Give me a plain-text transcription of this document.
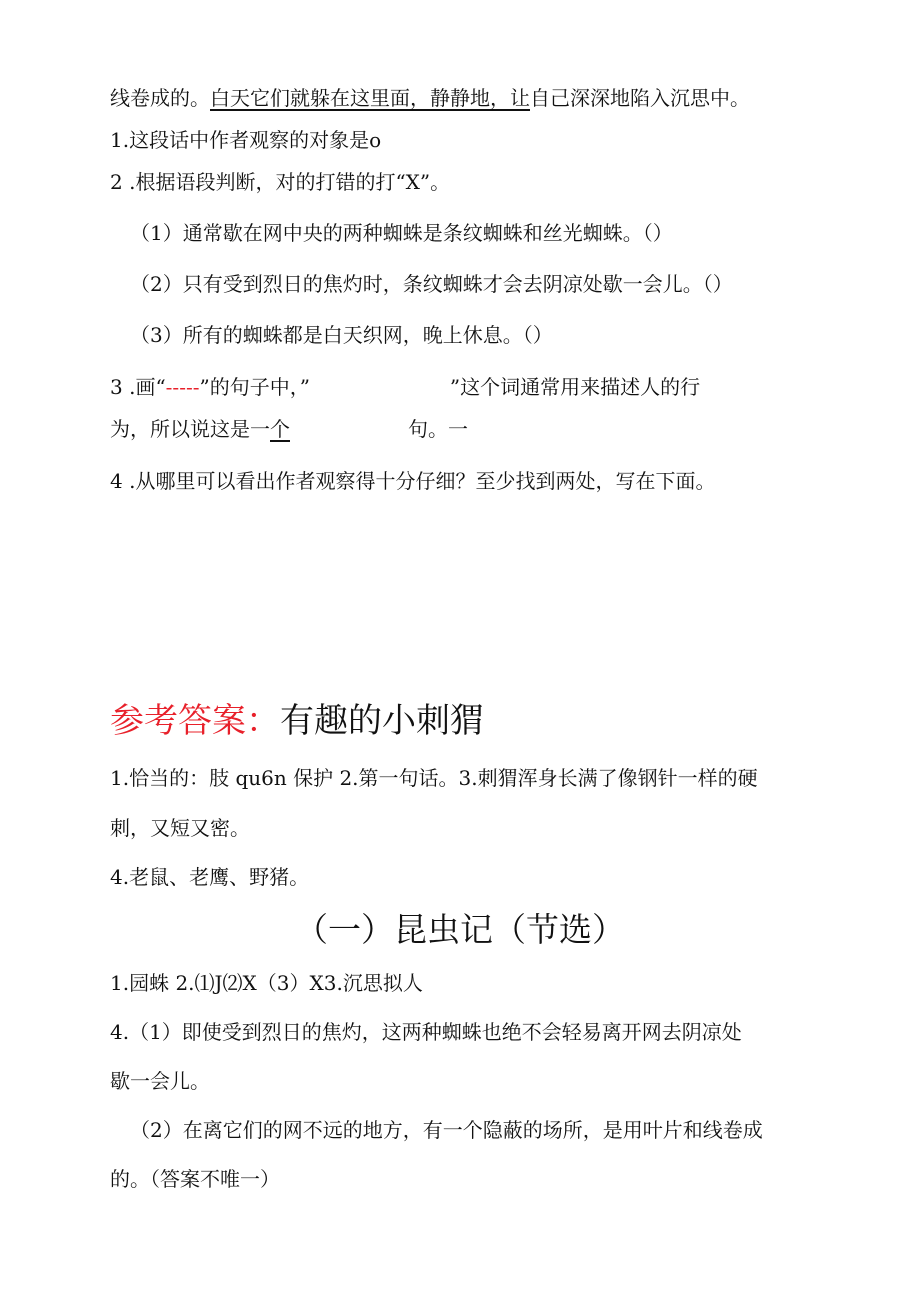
线卷成的。白天它们就躲在这里面，静静地，让自己深深地陷入沉思中。
1.这段话中作者观察的对象是o
2 .根据语段判断，对的打错的打“X”。
（1）通常歇在网中央的两种蜘蛛是条纹蜘蛛和丝光蜘蛛。（）
（2）只有受到烈日的焦灼时，条纹蜘蛛才会去阴凉处歇一会儿。（）
（3）所有的蜘蛛都是白天织网，晚上休息。（）
3 .画“-----”的句子中，”	”这个词通常用来描述人的行
为，所以说这是一个	句。一
4 .从哪里可以看出作者观察得十分仔细？至少找到两处，写在下面。
参考答案：有趣的小刺猬
1.恰当的：肢 qu6n 保护 2.第一句话。3.刺猬浑身长满了像钢针一样的硬
刺，又短又密。
4.老鼠、老鹰、野猪。
（一）昆虫记（节选）
1.园蛛 2.⑴J⑵X（3）X3.沉思拟人
4.（1）即使受到烈日的焦灼，这两种蜘蛛也绝不会轻易离开网去阴凉处
歇一会儿。
（2）在离它们的网不远的地方，有一个隐蔽的场所，是用叶片和线卷成
的。（答案不唯一）
